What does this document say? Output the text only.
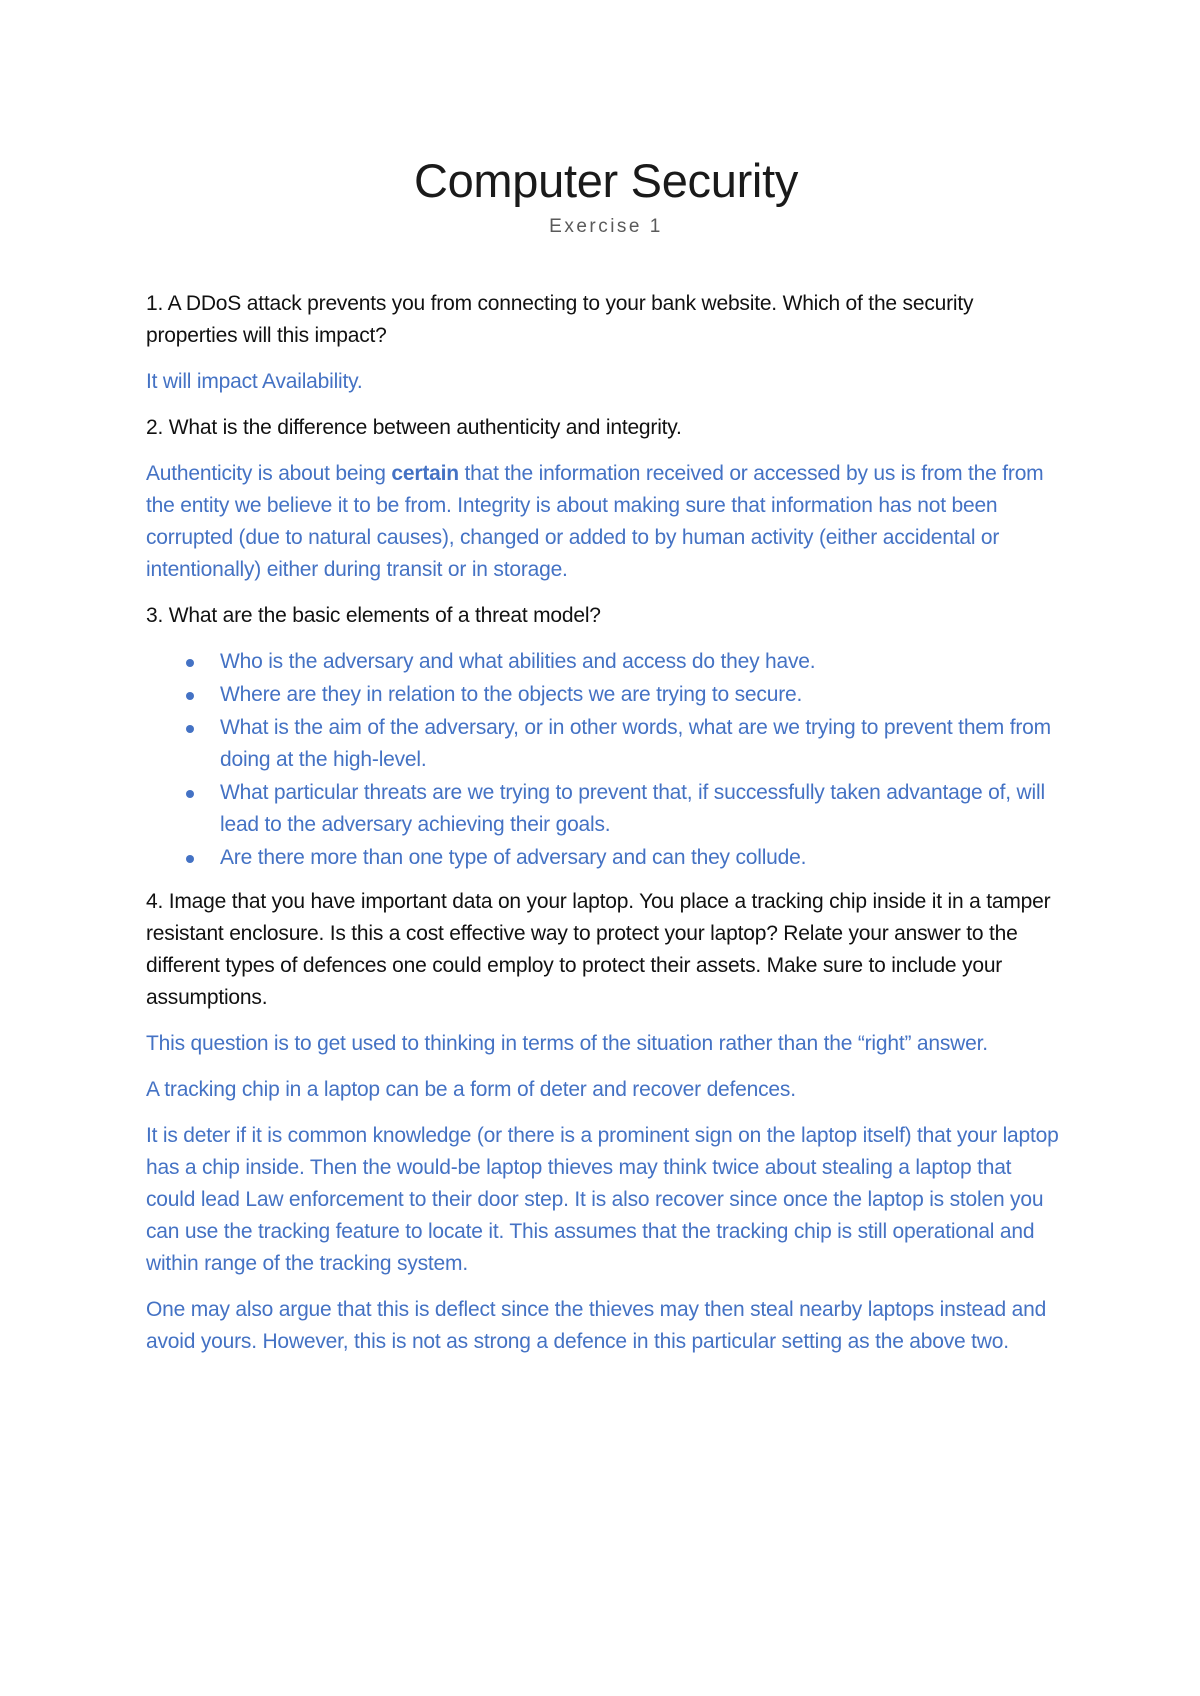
Computer Security
Exercise 1

1. A DDoS attack prevents you from connecting to your bank website. Which of the security properties will this impact?

It will impact Availability.

2. What is the difference between authenticity and integrity.

Authenticity is about being certain that the information received or accessed by us is from the from the entity we believe it to be from. Integrity is about making sure that information has not been corrupted (due to natural causes), changed or added to by human activity (either accidental or intentionally) either during transit or in storage.

3. What are the basic elements of a threat model?

Who is the adversary and what abilities and access do they have.
Where are they in relation to the objects we are trying to secure.
What is the aim of the adversary, or in other words, what are we trying to prevent them from doing at the high-level.
What particular threats are we trying to prevent that, if successfully taken advantage of, will lead to the adversary achieving their goals.
Are there more than one type of adversary and can they collude.

4. Image that you have important data on your laptop. You place a tracking chip inside it in a tamper resistant enclosure. Is this a cost effective way to protect your laptop? Relate your answer to the different types of defences one could employ to protect their assets. Make sure to include your assumptions.

This question is to get used to thinking in terms of the situation rather than the “right” answer.

A tracking chip in a laptop can be a form of deter and recover defences.

It is deter if it is common knowledge (or there is a prominent sign on the laptop itself) that your laptop has a chip inside. Then the would-be laptop thieves may think twice about stealing a laptop that could lead Law enforcement to their door step. It is also recover since once the laptop is stolen you can use the tracking feature to locate it. This assumes that the tracking chip is still operational and within range of the tracking system.

One may also argue that this is deflect since the thieves may then steal nearby laptops instead and avoid yours. However, this is not as strong a defence in this particular setting as the above two.
